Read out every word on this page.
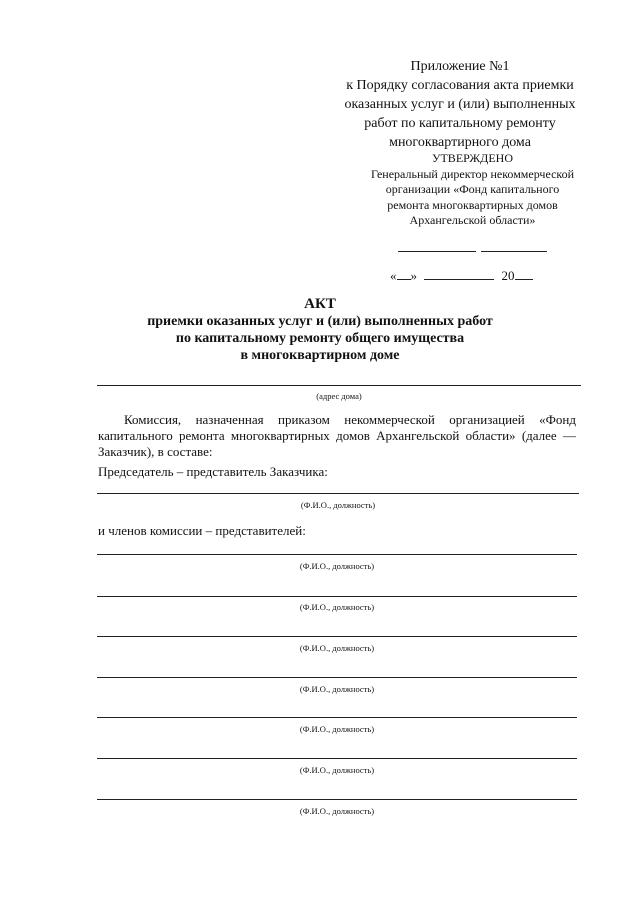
Приложение №1
к Порядку согласования акта приемки
оказанных услуг и (или) выполненных
работ по капитальному ремонту
многоквартирного дома
УТВЕРЖДЕНО
Генеральный директор некоммерческой
организации «Фонд капитального
ремонта многоквартирных домов
Архангельской области»
« »	20
АКТ
приемки оказанных услуг и (или) выполненных работ
по капитальному ремонту общего имущества
в многоквартирном доме
(адрес дома)
Комиссия, назначенная приказом некоммерческой организацией «Фонд капитального ремонта многоквартирных домов Архангельской области» (далее — Заказчик), в составе:
Председатель – представитель Заказчика:
(Ф.И.О., должность)
и членов комиссии – представителей:
(Ф.И.О., должность)
(Ф.И.О., должность)
(Ф.И.О., должность)
(Ф.И.О., должность)
(Ф.И.О., должность)
(Ф.И.О., должность)
(Ф.И.О., должность)
